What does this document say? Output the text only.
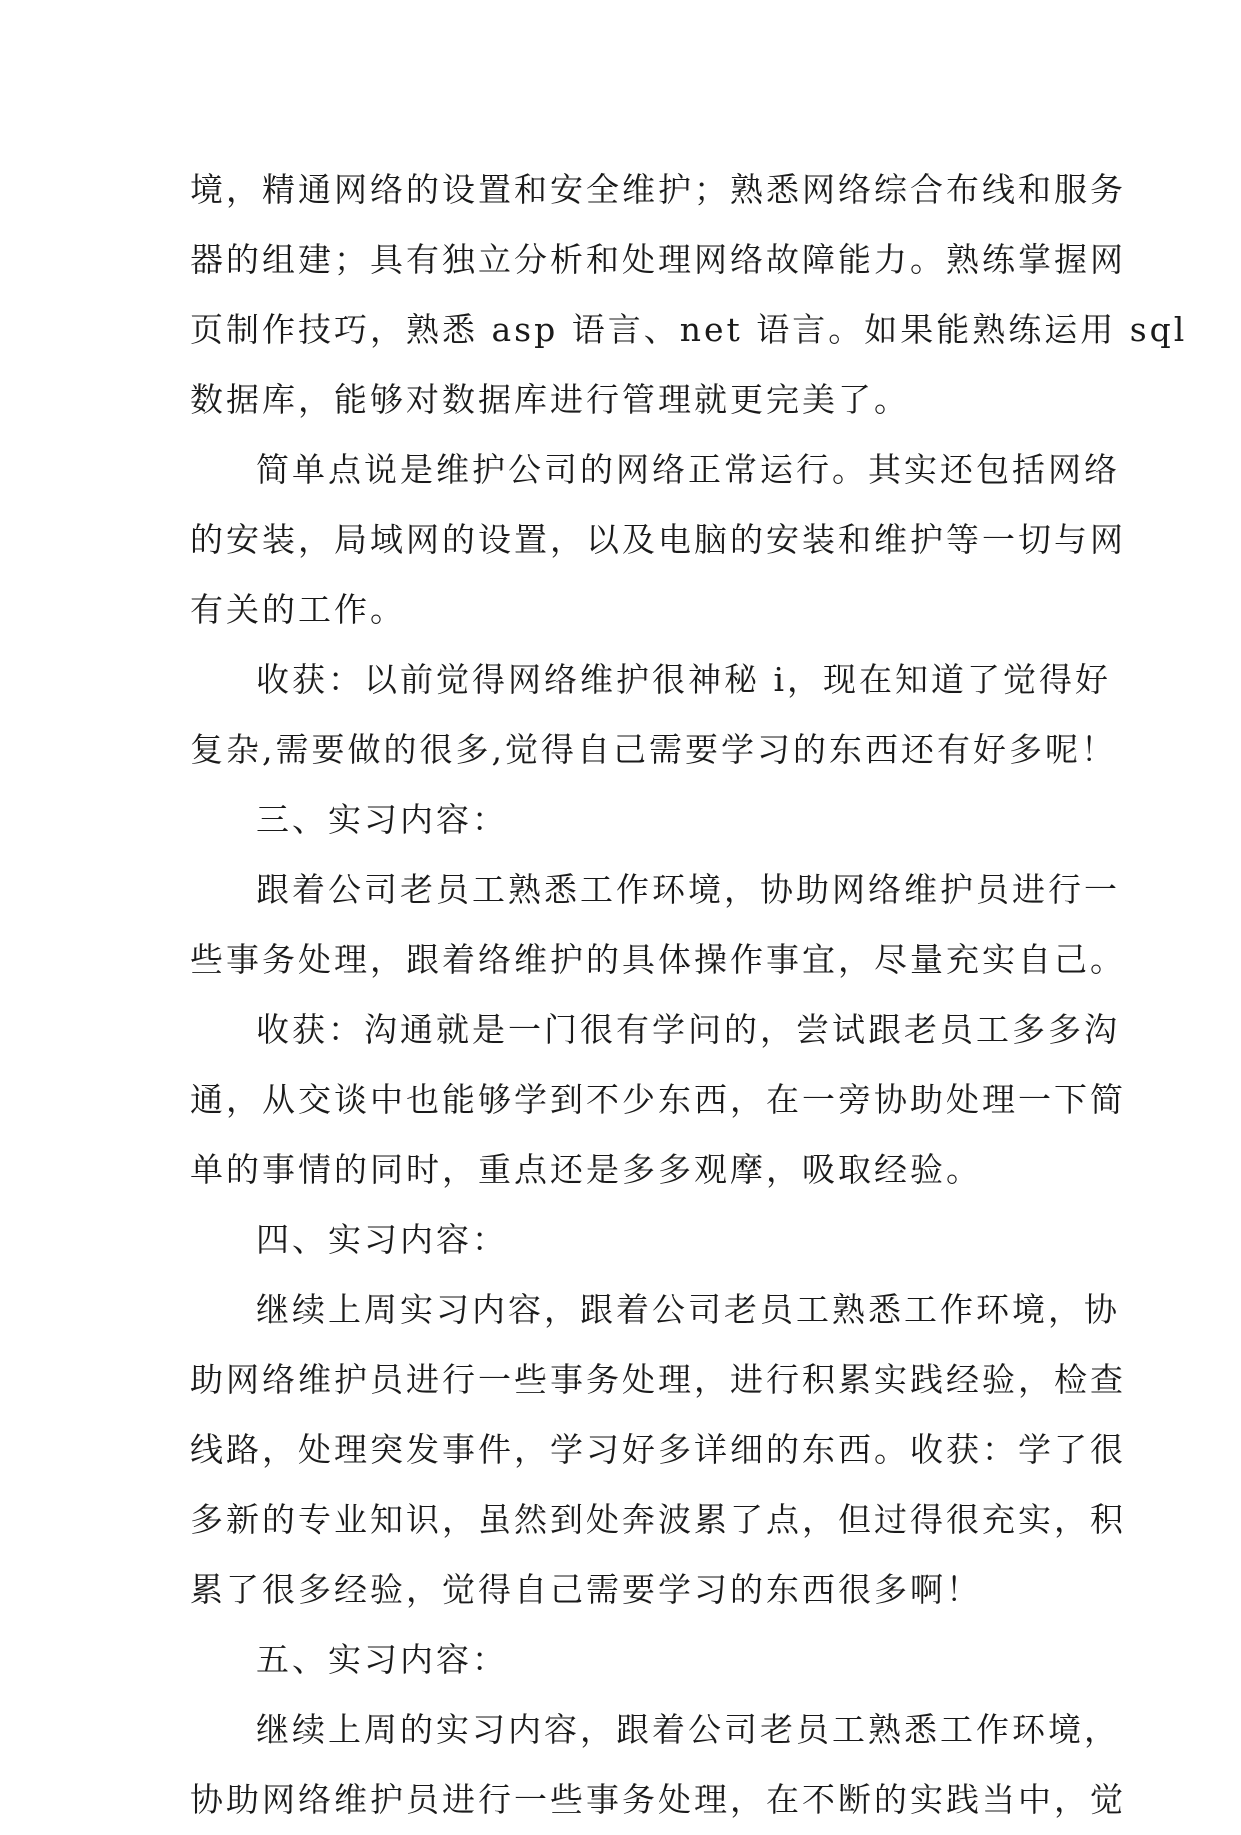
境，精通网络的设置和安全维护；熟悉网络综合布线和服务
器的组建；具有独立分析和处理网络故障能力。熟练掌握网
页制作技巧，熟悉 asp 语言、net 语言。如果能熟练运用 sql
数据库，能够对数据库进行管理就更完美了。
简单点说是维护公司的网络正常运行。其实还包括网络
的安装，局域网的设置，以及电脑的安装和维护等一切与网
有关的工作。
收获：以前觉得网络维护很神秘 i，现在知道了觉得好
复杂,需要做的很多,觉得自己需要学习的东西还有好多呢！
三、实习内容：
跟着公司老员工熟悉工作环境，协助网络维护员进行一
些事务处理，跟着络维护的具体操作事宜，尽量充实自己。
收获：沟通就是一门很有学问的，尝试跟老员工多多沟
通，从交谈中也能够学到不少东西，在一旁协助处理一下简
单的事情的同时，重点还是多多观摩，吸取经验。
四、实习内容：
继续上周实习内容，跟着公司老员工熟悉工作环境，协
助网络维护员进行一些事务处理，进行积累实践经验，检查
线路，处理突发事件，学习好多详细的东西。收获：学了很
多新的专业知识，虽然到处奔波累了点，但过得很充实，积
累了很多经验，觉得自己需要学习的东西很多啊！
五、实习内容：
继续上周的实习内容，跟着公司老员工熟悉工作环境，
协助网络维护员进行一些事务处理，在不断的实践当中，觉
